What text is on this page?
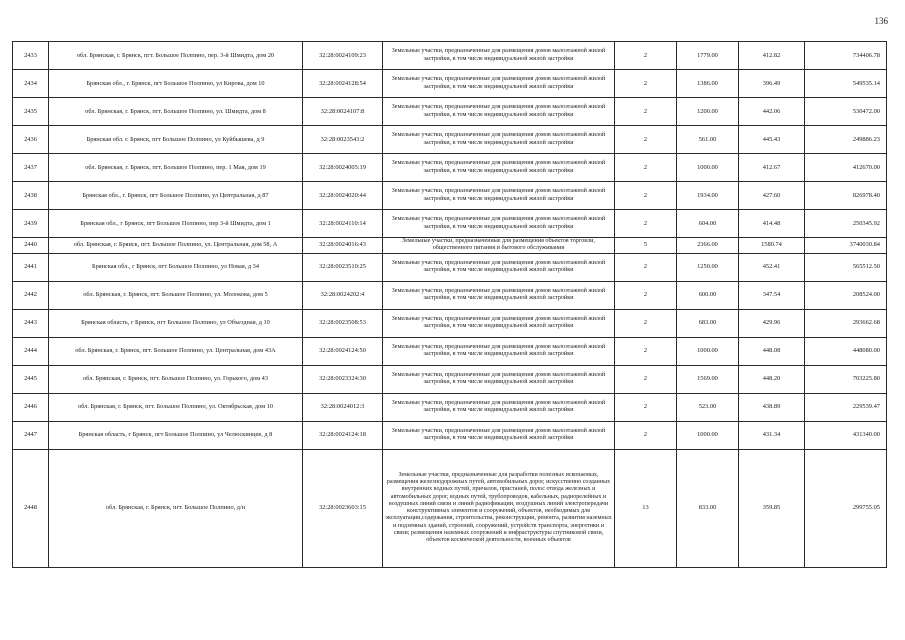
136
2433	обл. Брянская, г. Брянск, пгт. Большое Полпино, пер. 3-й Шмидта, дом 20	32:28:0024109:23	Земельные участки, предназначенные для размещения домов малоэтажной жилой застройки, в том числе индивидуальной жилой застройки	2	1779.00	412.82	734406.78
2434	Брянская обл., г. Брянск, пгт Большое Полпино, ул Кирова, дом 10	32:28:0024128:54	Земельные участки, предназначенные для размещения домов малоэтажной жилой застройки, в том числе индивидуальной жилой застройки	2	1386.00	396.49	549535.14
2435	обл. Брянская, г. Брянск, пгт. Большое Полпино, ул. Шмидта, дом 8	32:28:0024107:8	Земельные участки, предназначенные для размещения домов малоэтажной жилой застройки, в том числе индивидуальной жилой застройки	2	1200.00	442.06	530472.00
2436	Брянская обл. г. Брянск, пгт Большое Полпино, ул Куйбышева, д 9	32:28:0023543:2	Земельные участки, предназначенные для размещения домов малоэтажной жилой застройки, в том числе индивидуальной жилой застройки	2	561.00	445.43	249886.23
2437	обл. Брянская, г. Брянск, пгт. Большое Полпино, пер. 1 Мая, дом 19	32:28:0024005:19	Земельные участки, предназначенные для размещения домов малоэтажной жилой застройки, в том числе индивидуальной жилой застройки	2	1000.00	412.67	412670.00
2438	Брянская обл., г. Брянск, пгт Большое Полпино, ул Центральная, д 87	32:28:0024020:44	Земельные участки, предназначенные для размещения домов малоэтажной жилой застройки, в том числе индивидуальной жилой застройки	2	1934.00	427.60	826978.40
2439	Брянская обл., г Брянск, пгт Большое Полпино, пер 3-й Шмидта, дом 1	32:28:0024110:14	Земельные участки, предназначенные для размещения домов малоэтажной жилой застройки, в том числе индивидуальной жилой застройки	2	604.00	414.48	250345.92
2440	обл. Брянская, г. Брянск, пгт. Большое Полпино, ул. Центральная, дом 58, А	32:28:0024016:43	Земельные участки, предназначенные для размещения объектов торговли, общественного питания и бытового обслуживания	5	2366.00	1580.74	3740030.84
2441	Брянская обл., г Брянск, пгт Большое Полпино, ул Новая, д 34	32:28:0023510:25	Земельные участки, предназначенные для размещения домов малоэтажной жилой застройки, в том числе индивидуальной жилой застройки	2	1250.00	452.41	565512.50
2442	обл. Брянская, г. Брянск, пгт. Большое Полпино, ул. Молокова, дом 5	32:28:0024202:4	Земельные участки, предназначенные для размещения домов малоэтажной жилой застройки, в том числе индивидуальной жилой застройки	2	600.00	347.54	208524.00
2443	Брянская область, г Брянск, пгт Большое Полпино, ул Объездная, д 10	32:28:0023508:53	Земельные участки, предназначенные для размещения домов малоэтажной жилой застройки, в том числе индивидуальной жилой застройки	2	683.00	429.96	293662.68
2444	обл. Брянская, г. Брянск, пгт. Большое Полпино, ул. Центральная, дом 43А	32:28:0024124:50	Земельные участки, предназначенные для размещения домов малоэтажной жилой застройки, в том числе индивидуальной жилой застройки	2	1000.00	448.08	448080.00
2445	обл. Брянская, г. Брянск, пгт. Большое Полпино, ул. Горького, дом 43	32:28:0023324:30	Земельные участки, предназначенные для размещения домов малоэтажной жилой застройки, в том числе индивидуальной жилой застройки	2	1569.00	448.20	703225.80
2446	обл. Брянская, г. Брянск, пгт. Большое Полпино, ул. Октябрьская, дом 10	32:28:0024012:3	Земельные участки, предназначенные для размещения домов малоэтажной жилой застройки, в том числе индивидуальной жилой застройки	2	523.00	438.89	229539.47
2447	Брянская область, г Брянск, пгт Большое Полпино, ул Челюскинцев, д 8	32:28:0024124:18	Земельные участки, предназначенные для размещения домов малоэтажной жилой застройки, в том числе индивидуальной жилой застройки	2	1000.00	431.34	431340.00
2448	обл. Брянская, г. Брянск, пгт. Большое Полпино, д/н	32:28:0023603:15	Земельные участки, предназначенные для разработки полезных ископаемых, размещения железнодорожных путей, автомобильных дорог, искусственно созданных внутренних водных путей, причалов, пристаней, полос отвода железных и автомобильных дорог, водных путей, трубопроводов, кабельных, радиорелейных и воздушных линий связи и линий радиофикации, воздушных линий электропередачи конструктивных элементов и сооружений, объектов, необходимых для эксплуатации,содержания, строительства, реконструкции, ремонта, развития наземных и подземных зданий, строений, сооружений, устройств транспорта, энергетики и связи; размещения наземных сооружений и инфраструктуры спутниковой связи, объектов космической деятельности, военных объектов	13	833.00	359.85	299755.05
